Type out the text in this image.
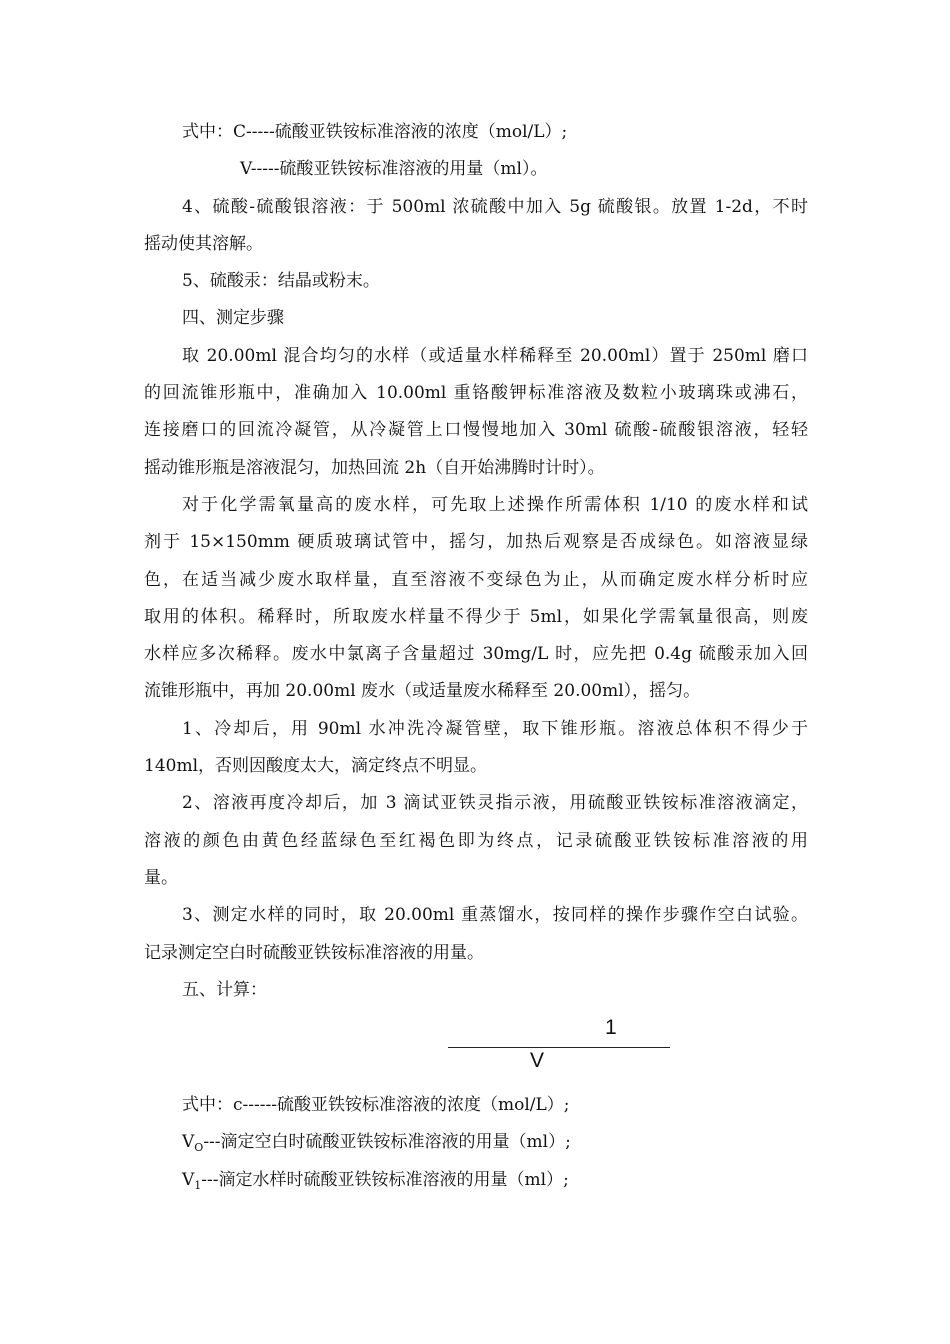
式中：C-----硫酸亚铁铵标准溶液的浓度（mol/L）;
V-----硫酸亚铁铵标准溶液的用量（ml）。
4、硫酸-硫酸银溶液：于 500ml 浓硫酸中加入 5g 硫酸银。放置 1-2d，不时
摇动使其溶解。
5、硫酸汞：结晶或粉末。
四、测定步骤
取 20.00ml 混合均匀的水样（或适量水样稀释至 20.00ml）置于 250ml 磨口
的回流锥形瓶中，准确加入 10.00ml 重铬酸钾标准溶液及数粒小玻璃珠或沸石，
连接磨口的回流冷凝管，从冷凝管上口慢慢地加入 30ml 硫酸-硫酸银溶液，轻轻
摇动锥形瓶是溶液混匀，加热回流 2h（自开始沸腾时计时）。
对于化学需氧量高的废水样，可先取上述操作所需体积 1/10 的废水样和试
剂于 15×150mm 硬质玻璃试管中，摇匀，加热后观察是否成绿色。如溶液显绿
色，在适当减少废水取样量，直至溶液不变绿色为止，从而确定废水样分析时应
取用的体积。稀释时，所取废水样量不得少于 5ml，如果化学需氧量很高，则废
水样应多次稀释。废水中氯离子含量超过 30mg/L 时，应先把 0.4g 硫酸汞加入回
流锥形瓶中，再加 20.00ml 废水（或适量废水稀释至 20.00ml），摇匀。
1、冷却后，用 90ml 水冲洗冷凝管壁，取下锥形瓶。溶液总体积不得少于
140ml，否则因酸度太大，滴定终点不明显。
2、溶液再度冷却后，加 3 滴试亚铁灵指示液，用硫酸亚铁铵标准溶液滴定，
溶液的颜色由黄色经蓝绿色至红褐色即为终点，记录硫酸亚铁铵标准溶液的用
量。
3、测定水样的同时，取 20.00ml 重蒸馏水，按同样的操作步骤作空白试验。
记录测定空白时硫酸亚铁铵标准溶液的用量。
五、计算：
1
V
式中：c------硫酸亚铁铵标准溶液的浓度（mol/L）;
$V_O---$滴定空白时硫酸亚铁铵标准溶液的用量（ml）;
$V_1---$滴定水样时硫酸亚铁铵标准溶液的用量（ml）;
